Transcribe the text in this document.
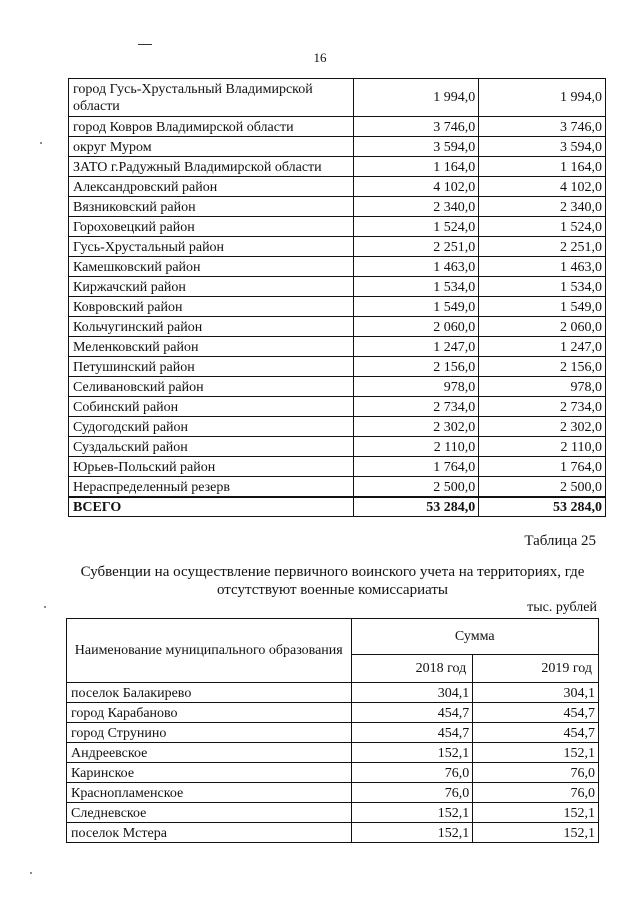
16
город Гусь-Хрустальный Владимирской области	1 994,0	1 994,0
город Ковров Владимирской области	3 746,0	3 746,0
округ Муром	3 594,0	3 594,0
ЗАТО г.Радужный Владимирской области	1 164,0	1 164,0
Александровский район	4 102,0	4 102,0
Вязниковский район	2 340,0	2 340,0
Гороховецкий район	1 524,0	1 524,0
Гусь-Хрустальный район	2 251,0	2 251,0
Камешковский район	1 463,0	1 463,0
Киржачский район	1 534,0	1 534,0
Ковровский район	1 549,0	1 549,0
Кольчугинский район	2 060,0	2 060,0
Меленковский район	1 247,0	1 247,0
Петушинский район	2 156,0	2 156,0
Селивановский район	978,0	978,0
Собинский район	2 734,0	2 734,0
Судогодский район	2 302,0	2 302,0
Суздальский район	2 110,0	2 110,0
Юрьев-Польский район	1 764,0	1 764,0
Нераспределенный резерв	2 500,0	2 500,0
ВСЕГО	53 284,0	53 284,0
Таблица 25
Субвенции на осуществление первичного воинского учета на территориях, где отсутствуют военные комиссариаты
тыс. рублей
Наименование муниципального образования	Сумма	
	2018 год	2019 год
поселок Балакирево	304,1	304,1
город Карабаново	454,7	454,7
город Струнино	454,7	454,7
Андреевское	152,1	152,1
Каринское	76,0	76,0
Краснопламенское	76,0	76,0
Следневское	152,1	152,1
поселок Мстера	152,1	152,1
